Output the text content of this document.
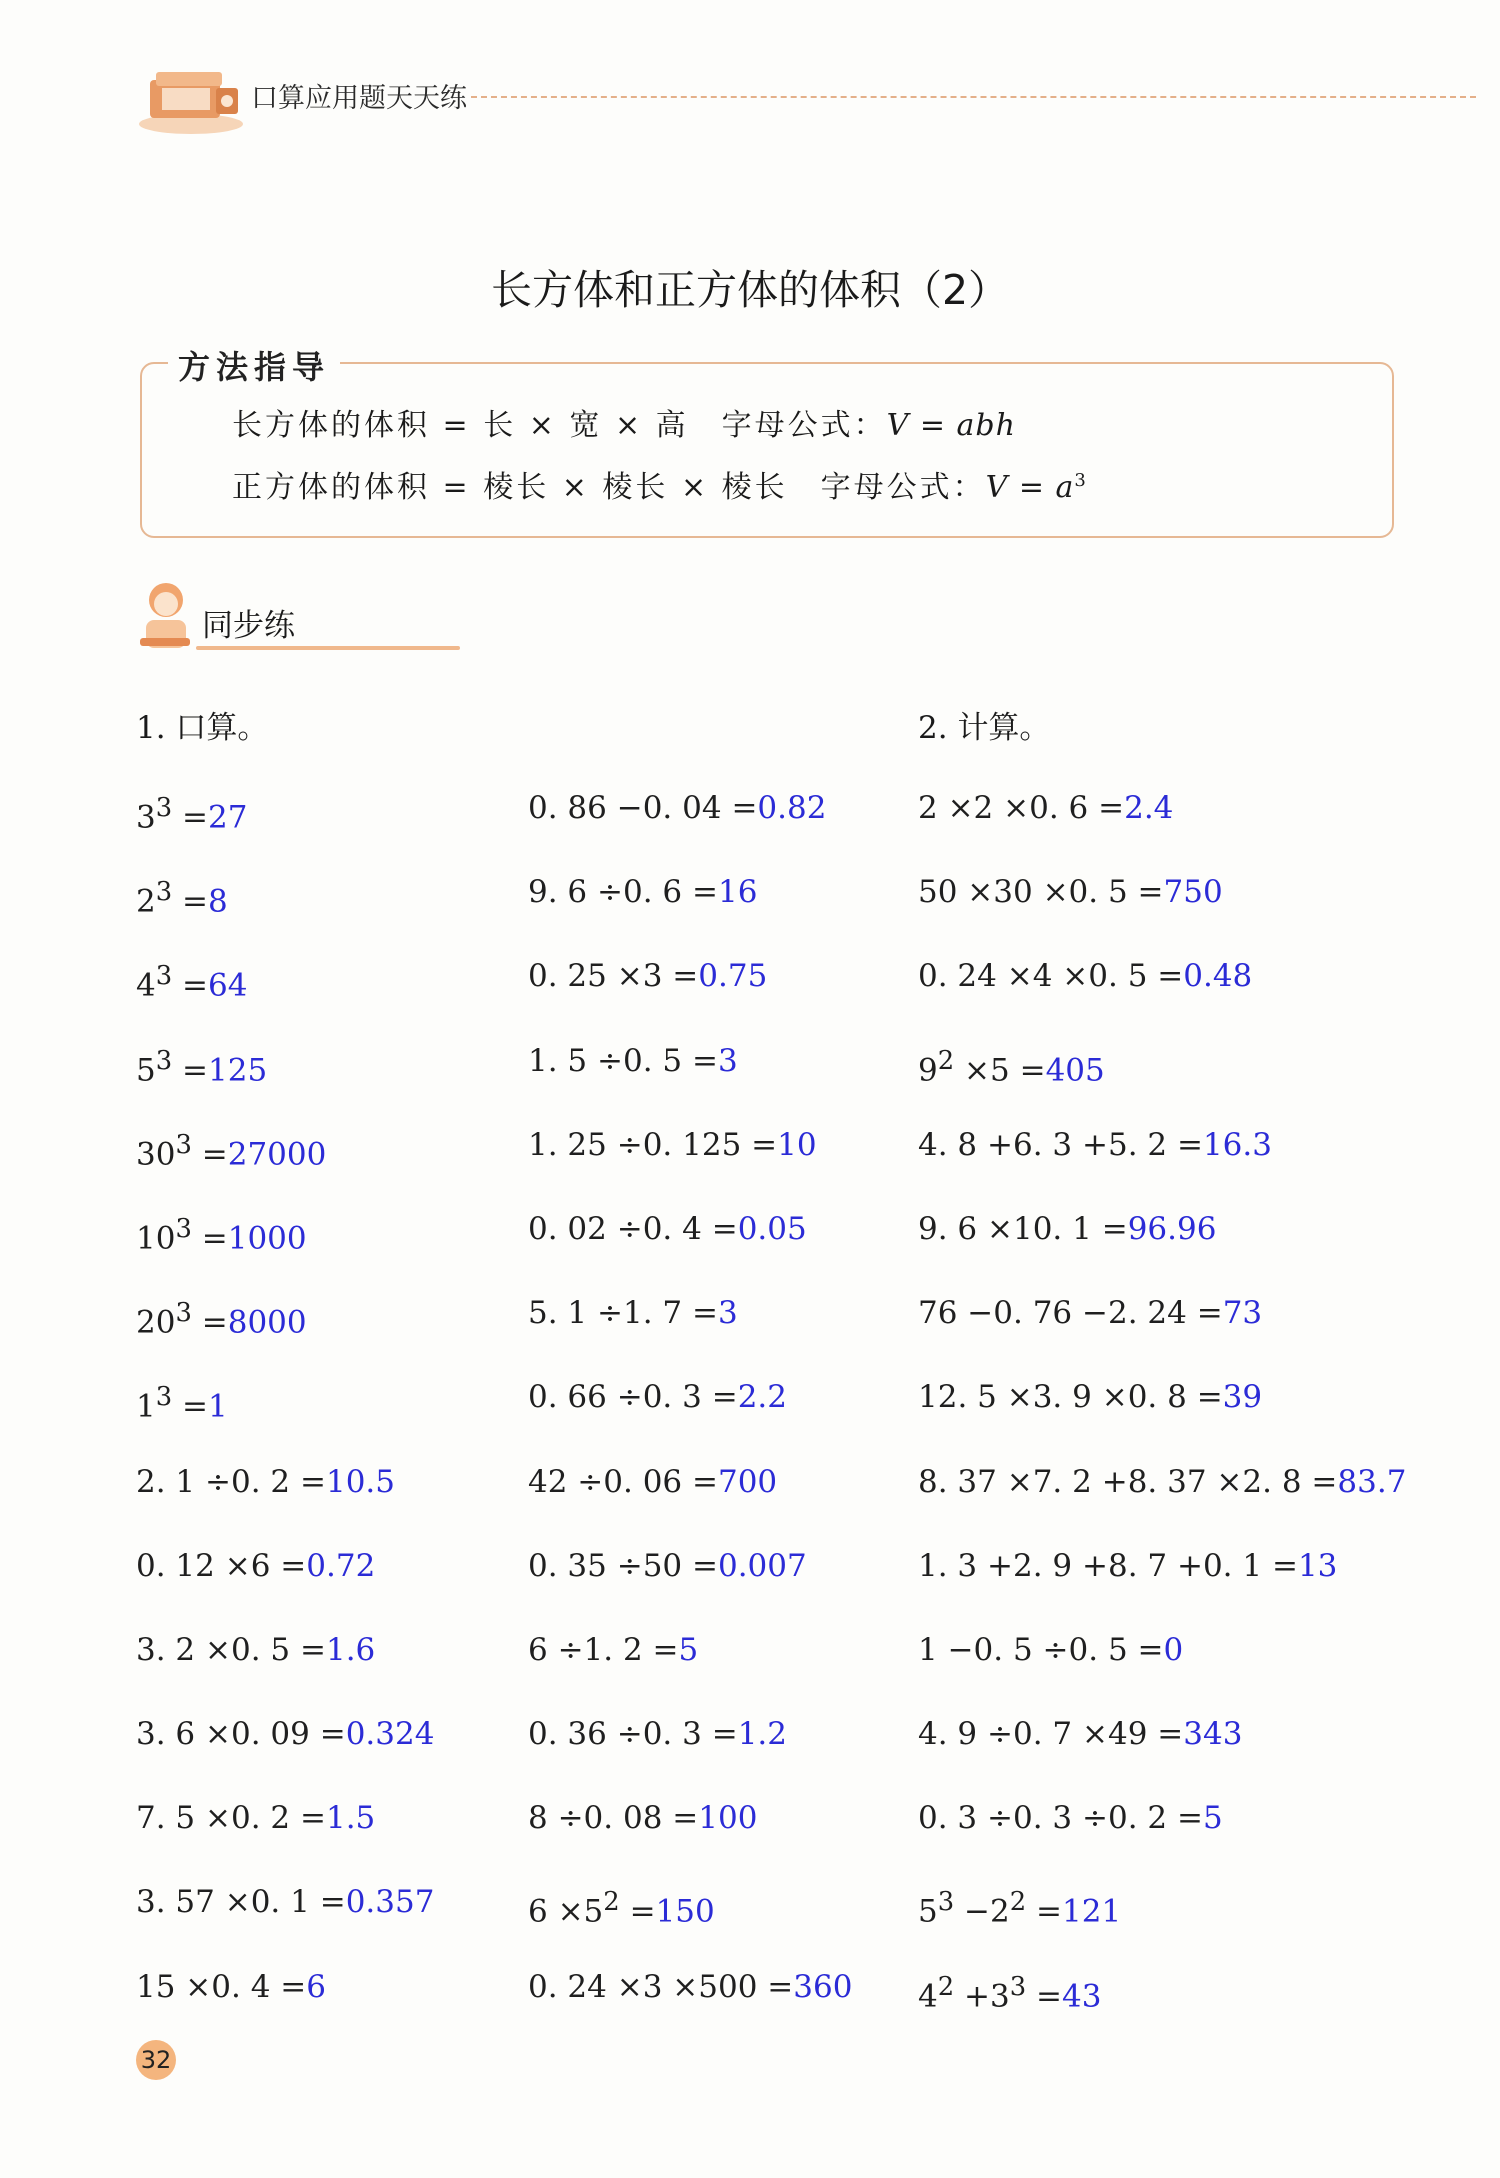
口算应用题天天练
长方体和正方体的体积（2）
方法指导
长方体的体积 = 长 × 宽 × 高　字母公式：V = abh
正方体的体积 = 棱长 × 棱长 × 棱长　字母公式：$V = a^3$
同步练
1. 口算。	2. 计算。
$3^3 =27$
$2^3 =8$
$4^3 =64$
$5^3 =125$
$30^3 =27000$
$10^3 =1000$
$20^3 =8000$
$1^3 =1$
2. 1 ÷0. 2 =10.5
0. 12 ×6 =0.72
3. 2 ×0. 5 =1.6
3. 6 ×0. 09 =0.324
7. 5 ×0. 2 =1.5
3. 57 ×0. 1 =0.357
15 ×0. 4 =6
0. 86 −0. 04 =0.82
9. 6 ÷0. 6 =16
0. 25 ×3 =0.75
1. 5 ÷0. 5 =3
1. 25 ÷0. 125 =10
0. 02 ÷0. 4 =0.05
5. 1 ÷1. 7 =3
0. 66 ÷0. 3 =2.2
42 ÷0. 06 =700
0. 35 ÷50 =0.007
6 ÷1. 2 =5
0. 36 ÷0. 3 =1.2
8 ÷0. 08 =100
$6 \times 5^2 =150$
0. 24 ×3 ×500 =360
2 ×2 ×0. 6 =2.4
50 ×30 ×0. 5 =750
0. 24 ×4 ×0. 5 =0.48
$9^2 \times 5 =405$
4. 8 +6. 3 +5. 2 =16.3
9. 6 ×10. 1 =96.96
76 −0. 76 −2. 24 =73
12. 5 ×3. 9 ×0. 8 =39
8. 37 ×7. 2 +8. 37 ×2. 8 =83.7
1. 3 +2. 9 +8. 7 +0. 1 =13
1 −0. 5 ÷0. 5 =0
4. 9 ÷0. 7 ×49 =343
0. 3 ÷0. 3 ÷0. 2 =5
$5^3 -2^2 =121$
$4^2 +3^3 =43$
32
